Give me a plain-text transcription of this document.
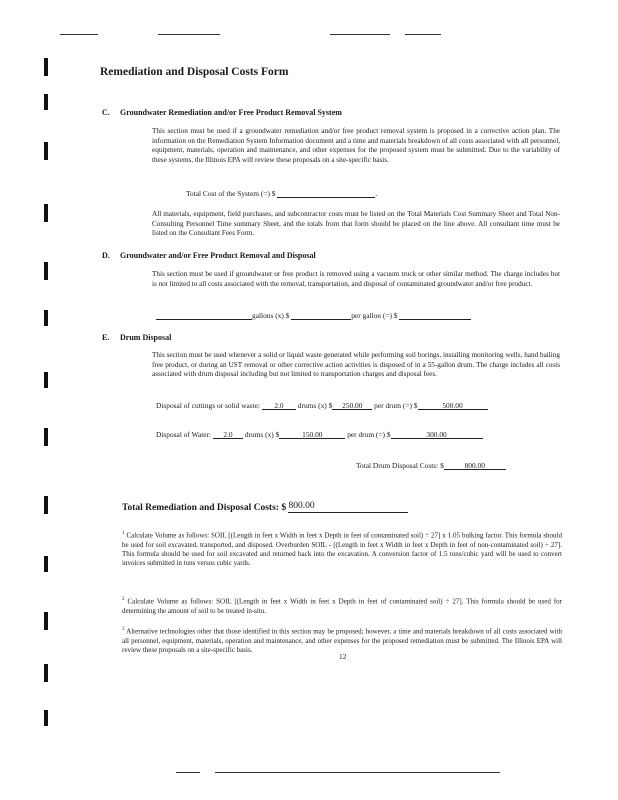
Remediation and Disposal Costs Form
C. Groundwater Remediation and/or Free Product Removal System
This section must be used if a groundwater remediation and/or free product removal system is proposed in a corrective action plan. The information on the Remediation System Information document and a time and materials breakdown of all costs associated with all personnel, equipment, materials, operation and maintenance, and other expenses for the proposed system must be submitted. Due to the variability of these systems, the Illinois EPA will review these proposals on a site-specific basis.
Total Cost of the System (=) $	.
All materials, equipment, field purchases, and subcontractor costs must be listed on the Total Materials Cost Summary Sheet and Total Non-Consulting Personnel Time summary Sheet, and the totals from that form should be placed on the line above. All consultant time must be listed on the Consultant Fees Form.
D. Groundwater and/or Free Product Removal and Disposal
This section must be used if groundwater or free product is removed using a vacuum truck or other similar method. The charge includes but is not limited to all costs associated with the removal, transportation, and disposal of contaminated groundwater and/or free product.
gallons (x) $	per gallon (=) $
E. Drum Disposal
This section must be used whenever a solid or liquid waste generated while performing soil borings, installing monitoring wells, hand bailing free product, or during an UST removal or other corrective action activities is disposed of in a 55-gallon drum. The charge includes all costs associated with drum disposal including but not limited to transportation charges and disposal fees.
Disposal of cuttings or solid waste: 2.0 drums (x) $ 250.00 per drum (=) $	500.00
Disposal of Water: 2.0 drums (x) $	150.00	per drum (=) $	300.00
Total Drum Disposal Costs: $	800.00
Total Remediation and Disposal Costs: $ 800.00
$^1$ Calculate Volume as follows: SOIL [(Length in feet x Width in feet x Depth in feet of contaminated soil) ÷ 27] x 1.05 bulking factor. This formula should be used for soil excavated, transported, and disposed. Overburden SOIL - [(Length in feet x Width in feet x Depth in feet of non-contaminated soil) ÷ 27]. This formula should be used for soil excavated and returned back into the excavation. A conversion factor of 1.5 tons/cubic yard will be used to convert invoices submitted in tons versus cubic yards.
$^2$ Calculate Volume as follows: SOIL [(Length in feet x Width in feet x Depth in feet of contaminated soil) ÷ 27]. This formula should be used for determining the amount of soil to be treated in-situ.
$^3$ Alternative technologies other that those identified in this section may be proposed; however, a time and materials breakdown of all costs associated with all personnel, equipment, materials, operation and maintenance, and other expenses for the proposed remediation must be submitted. The Illinois EPA will review these proposals on a site-specific basis.
12
